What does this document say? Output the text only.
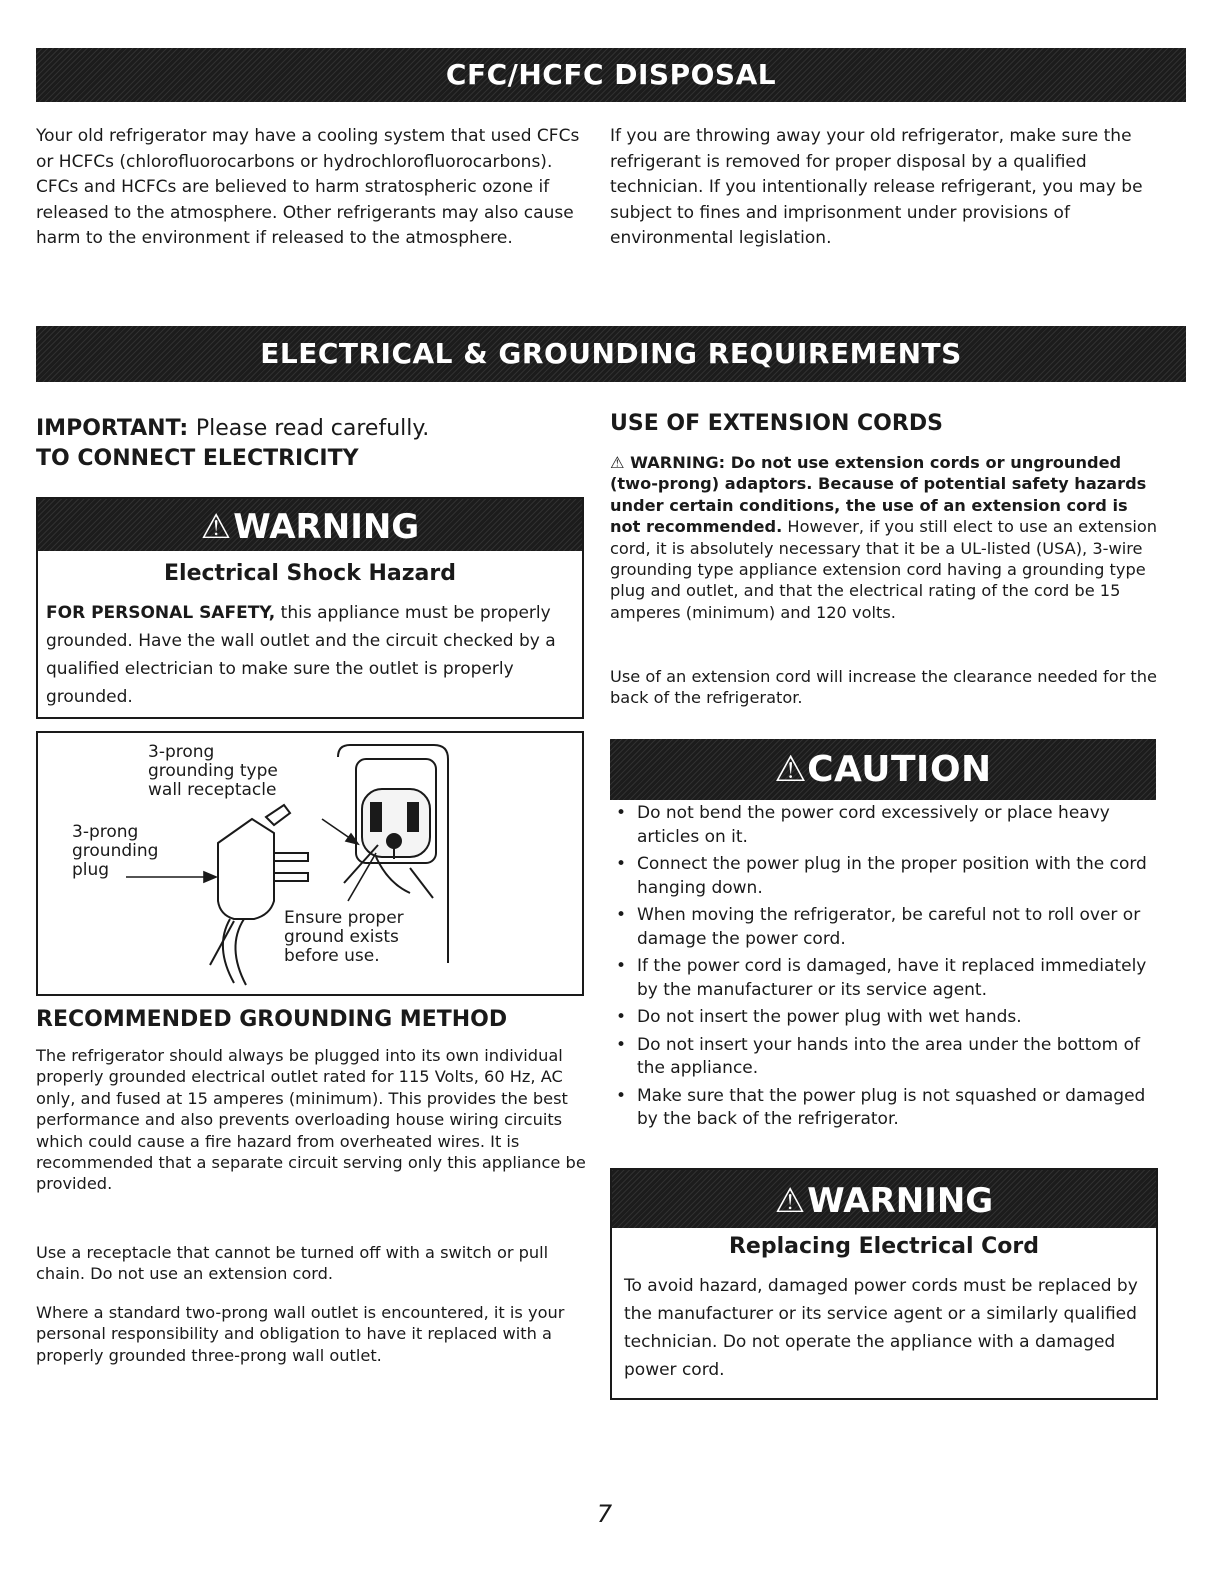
CFC/HCFC DISPOSAL

Your old refrigerator may have a cooling system that used CFCs or HCFCs (chlorofluorocarbons or hydrochlorofluorocarbons). CFCs and HCFCs are believed to harm stratospheric ozone if released to the atmosphere. Other refrigerants may also cause harm to the environment if released to the atmosphere.

If you are throwing away your old refrigerator, make sure the refrigerant is removed for proper disposal by a qualified technician. If you intentionally release refrigerant, you may be subject to fines and imprisonment under provisions of environmental legislation.

ELECTRICAL & GROUNDING REQUIREMENTS
IMPORTANT: Please read carefully.
TO CONNECT ELECTRICITY
⚠WARNING
Electrical Shock Hazard

FOR PERSONAL SAFETY, this appliance must be properly grounded. Have the wall outlet and the circuit checked by a qualified electrician to make sure the outlet is properly grounded.

3-prong
grounding type
wall receptacle
3-prong
grounding
plug
Ensure proper
ground exists
before use.
RECOMMENDED GROUNDING METHOD

The refrigerator should always be plugged into its own individual properly grounded electrical outlet rated for 115 Volts, 60 Hz, AC only, and fused at 15 amperes (minimum). This provides the best performance and also prevents overloading house wiring circuits which could cause a fire hazard from overheated wires. It is recommended that a separate circuit serving only this appliance be provided.

Use a receptacle that cannot be turned off with a switch or pull chain. Do not use an extension cord.

Where a standard two-prong wall outlet is encountered, it is your personal responsibility and obligation to have it replaced with a properly grounded three-prong wall outlet.

USE OF EXTENSION CORDS

⚠ WARNING: Do not use extension cords or ungrounded (two-prong) adaptors. Because of potential safety hazards under certain conditions, the use of an extension cord is not recommended. However, if you still elect to use an extension cord, it is absolutely necessary that it be a UL-listed (USA), 3-wire grounding type appliance extension cord having a grounding type plug and outlet, and that the electrical rating of the cord be 15 amperes (minimum) and 120 volts.

Use of an extension cord will increase the clearance needed for the back of the refrigerator.

⚠CAUTION
• Do not bend the power cord excessively or place heavy articles on it.
• Connect the power plug in the proper position with the cord hanging down.
• When moving the refrigerator, be careful not to roll over or damage the power cord.
• If the power cord is damaged, have it replaced immediately by the manufacturer or its service agent.
• Do not insert the power plug with wet hands.
• Do not insert your hands into the area under the bottom of the appliance.
• Make sure that the power plug is not squashed or damaged by the back of the refrigerator.
⚠WARNING
Replacing Electrical Cord

To avoid hazard, damaged power cords must be replaced by the manufacturer or its service agent or a similarly qualified technician. Do not operate the appliance with a damaged power cord.

7
